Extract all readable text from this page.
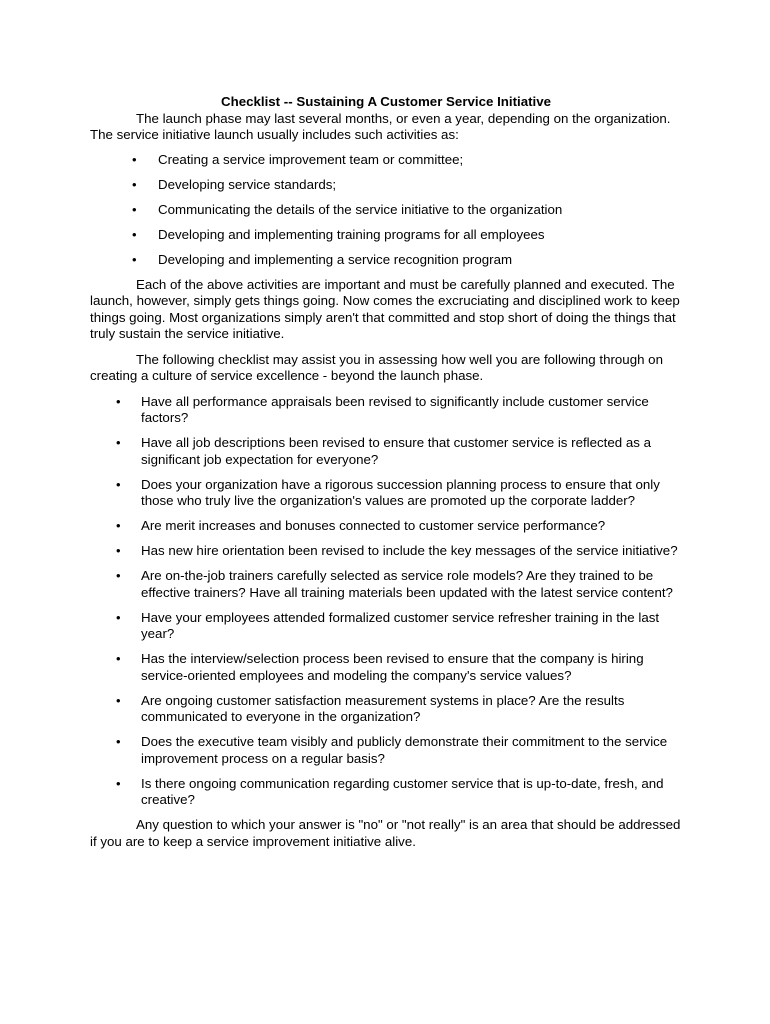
Checklist -- Sustaining A Customer Service Initiative

The launch phase may last several months, or even a year, depending on the organization. The service initiative launch usually includes such activities as:

• Creating a service improvement team or committee;
• Developing service standards;
• Communicating the details of the service initiative to the organization
• Developing and implementing training programs for all employees
• Developing and implementing a service recognition program

Each of the above activities are important and must be carefully planned and executed. The launch, however, simply gets things going. Now comes the excruciating and disciplined work to keep things going. Most organizations simply aren't that committed and stop short of doing the things that truly sustain the service initiative.

The following checklist may assist you in assessing how well you are following through on creating a culture of service excellence - beyond the launch phase.

• Have all performance appraisals been revised to significantly include customer service factors?
• Have all job descriptions been revised to ensure that customer service is reflected as a significant job expectation for everyone?
• Does your organization have a rigorous succession planning process to ensure that only those who truly live the organization's values are promoted up the corporate ladder?
• Are merit increases and bonuses connected to customer service performance?
• Has new hire orientation been revised to include the key messages of the service initiative?
• Are on-the-job trainers carefully selected as service role models? Are they trained to be effective trainers? Have all training materials been updated with the latest service content?
• Have your employees attended formalized customer service refresher training in the last year?
• Has the interview/selection process been revised to ensure that the company is hiring service-oriented employees and modeling the company's service values?
• Are ongoing customer satisfaction measurement systems in place? Are the results communicated to everyone in the organization?
• Does the executive team visibly and publicly demonstrate their commitment to the service improvement process on a regular basis?
• Is there ongoing communication regarding customer service that is up-to-date, fresh, and creative?

Any question to which your answer is "no" or "not really" is an area that should be addressed if you are to keep a service improvement initiative alive.
